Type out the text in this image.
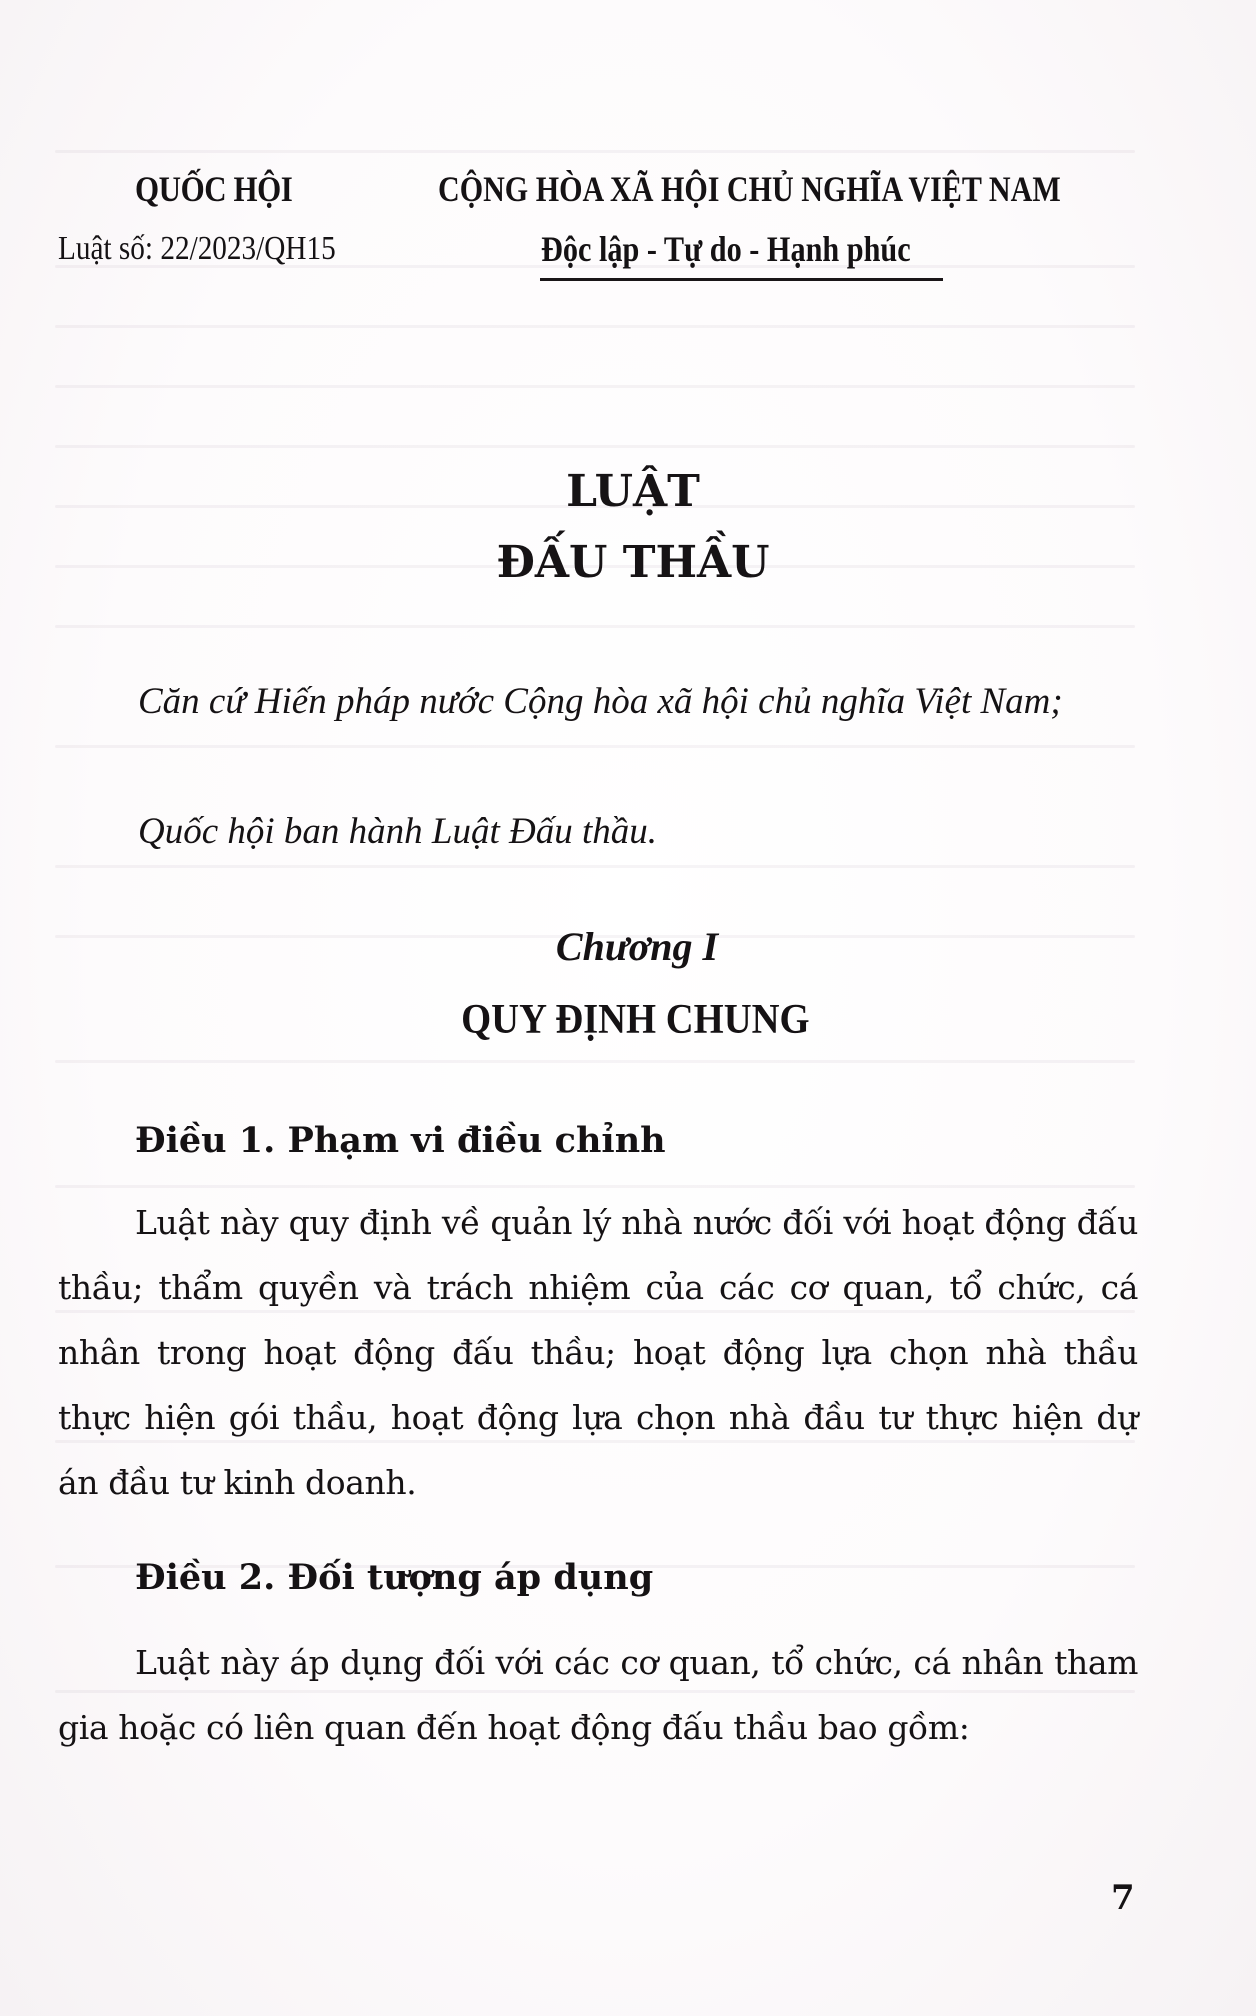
QUỐC HỘI
Luật số: 22/2023/QH15
CỘNG HÒA XÃ HỘI CHỦ NGHĨA VIỆT NAM
Độc lập - Tự do - Hạnh phúc
LUẬT
ĐẤU THẦU
Căn cứ Hiến pháp nước Cộng hòa xã hội chủ nghĩa Việt Nam;
Quốc hội ban hành Luật Đấu thầu.
Chương I
QUY ĐỊNH CHUNG
Điều 1. Phạm vi điều chỉnh
Luật này quy định về quản lý nhà nước đối với hoạt động đấu thầu; thẩm quyền và trách nhiệm của các cơ quan, tổ chức, cá nhân trong hoạt động đấu thầu; hoạt động lựa chọn nhà thầu thực hiện gói thầu, hoạt động lựa chọn nhà đầu tư thực hiện dự án đầu tư kinh doanh.
Điều 2. Đối tượng áp dụng
Luật này áp dụng đối với các cơ quan, tổ chức, cá nhân tham gia hoặc có liên quan đến hoạt động đấu thầu bao gồm:
7
